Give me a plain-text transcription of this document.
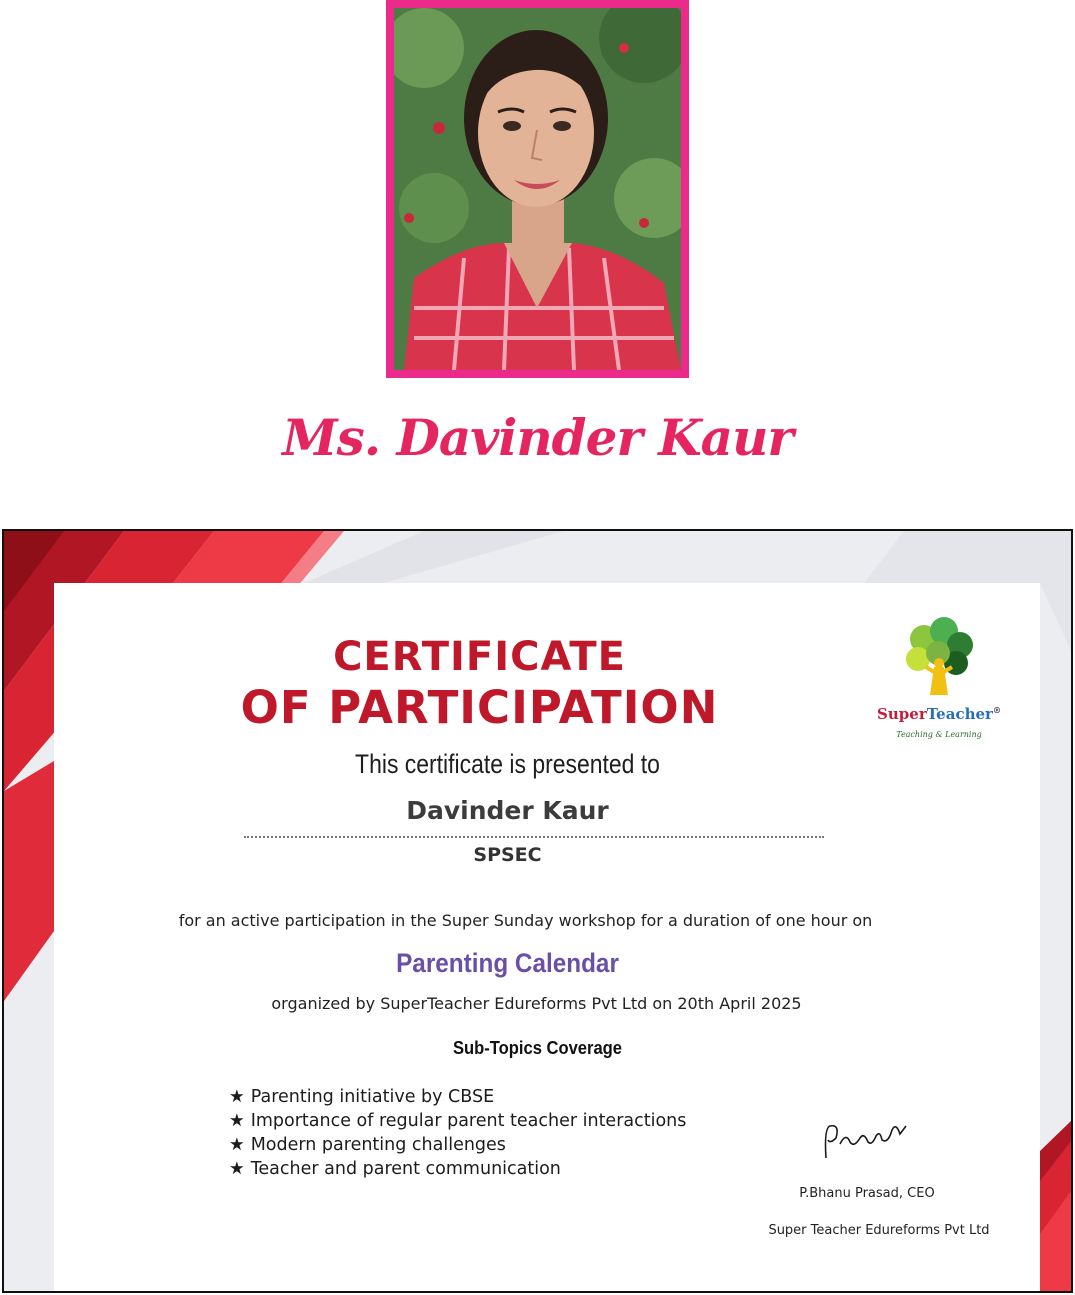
Ms. Davinder Kaur
CERTIFICATE
OF PARTICIPATION	SuperTeacher®
Teaching & Learning

This certificate is presented to

Davinder Kaur

SPSEC

for an active participation in the Super Sunday workshop for a duration of one hour on

Parenting Calendar

organized by SuperTeacher Edureforms Pvt Ltd on 20th April 2025

Sub-Topics Coverage

★ Parenting initiative by CBSE
★ Importance of regular parent teacher interactions
★ Modern parenting challenges
★ Teacher and parent communication

P.Bhanu Prasad, CEO

Super Teacher Edureforms Pvt Ltd
